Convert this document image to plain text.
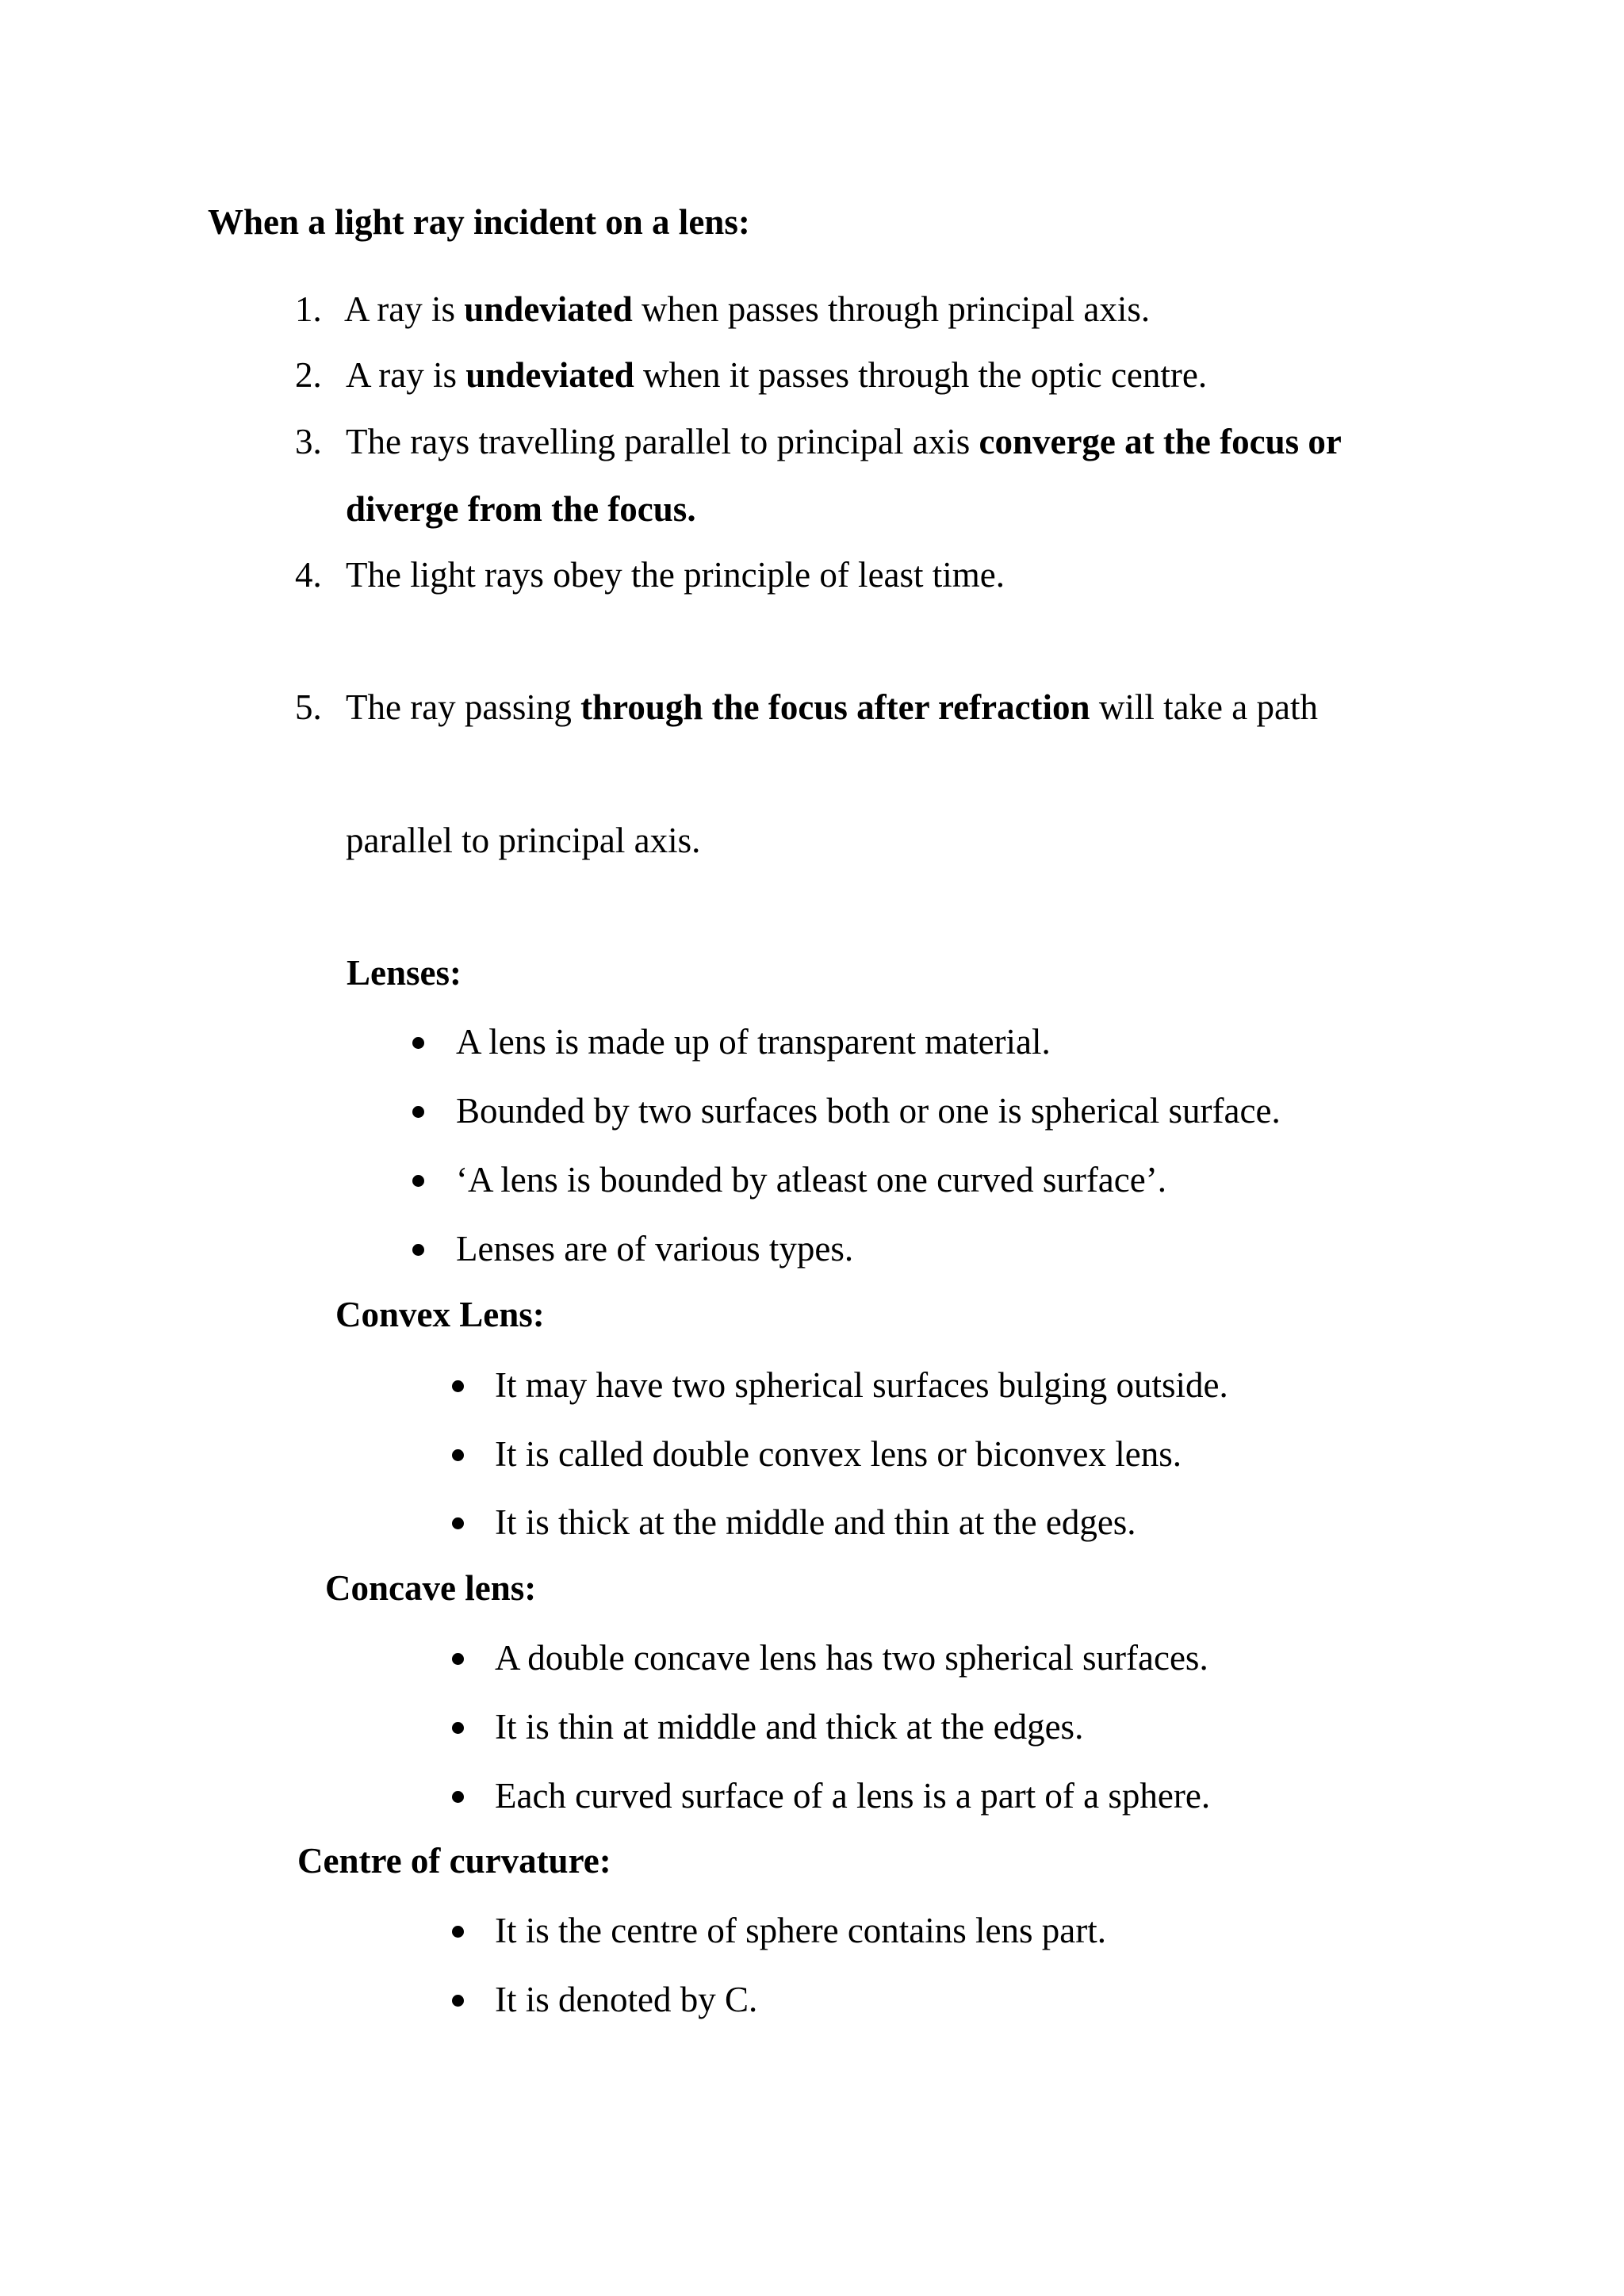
When a light ray incident on a lens:
1. A ray is undeviated when passes through principal axis.
2. A ray is undeviated when it passes through the optic centre.
3. The rays travelling parallel to principal axis converge at the focus or
diverge from the focus.
4. The light rays obey the principle of least time.
5. The ray passing through the focus after refraction will take a path
parallel to principal axis.
Lenses:
A lens is made up of transparent material.
Bounded by two surfaces both or one is spherical surface.
‘A lens is bounded by atleast one curved surface’.
Lenses are of various types.
Convex Lens:
It may have two spherical surfaces bulging outside.
It is called double convex lens or biconvex lens.
It is thick at the middle and thin at the edges.
Concave lens:
A double concave lens has two spherical surfaces.
It is thin at middle and thick at the edges.
Each curved surface of a lens is a part of a sphere.
Centre of curvature:
It is the centre of sphere contains lens part.
It is denoted by C.
